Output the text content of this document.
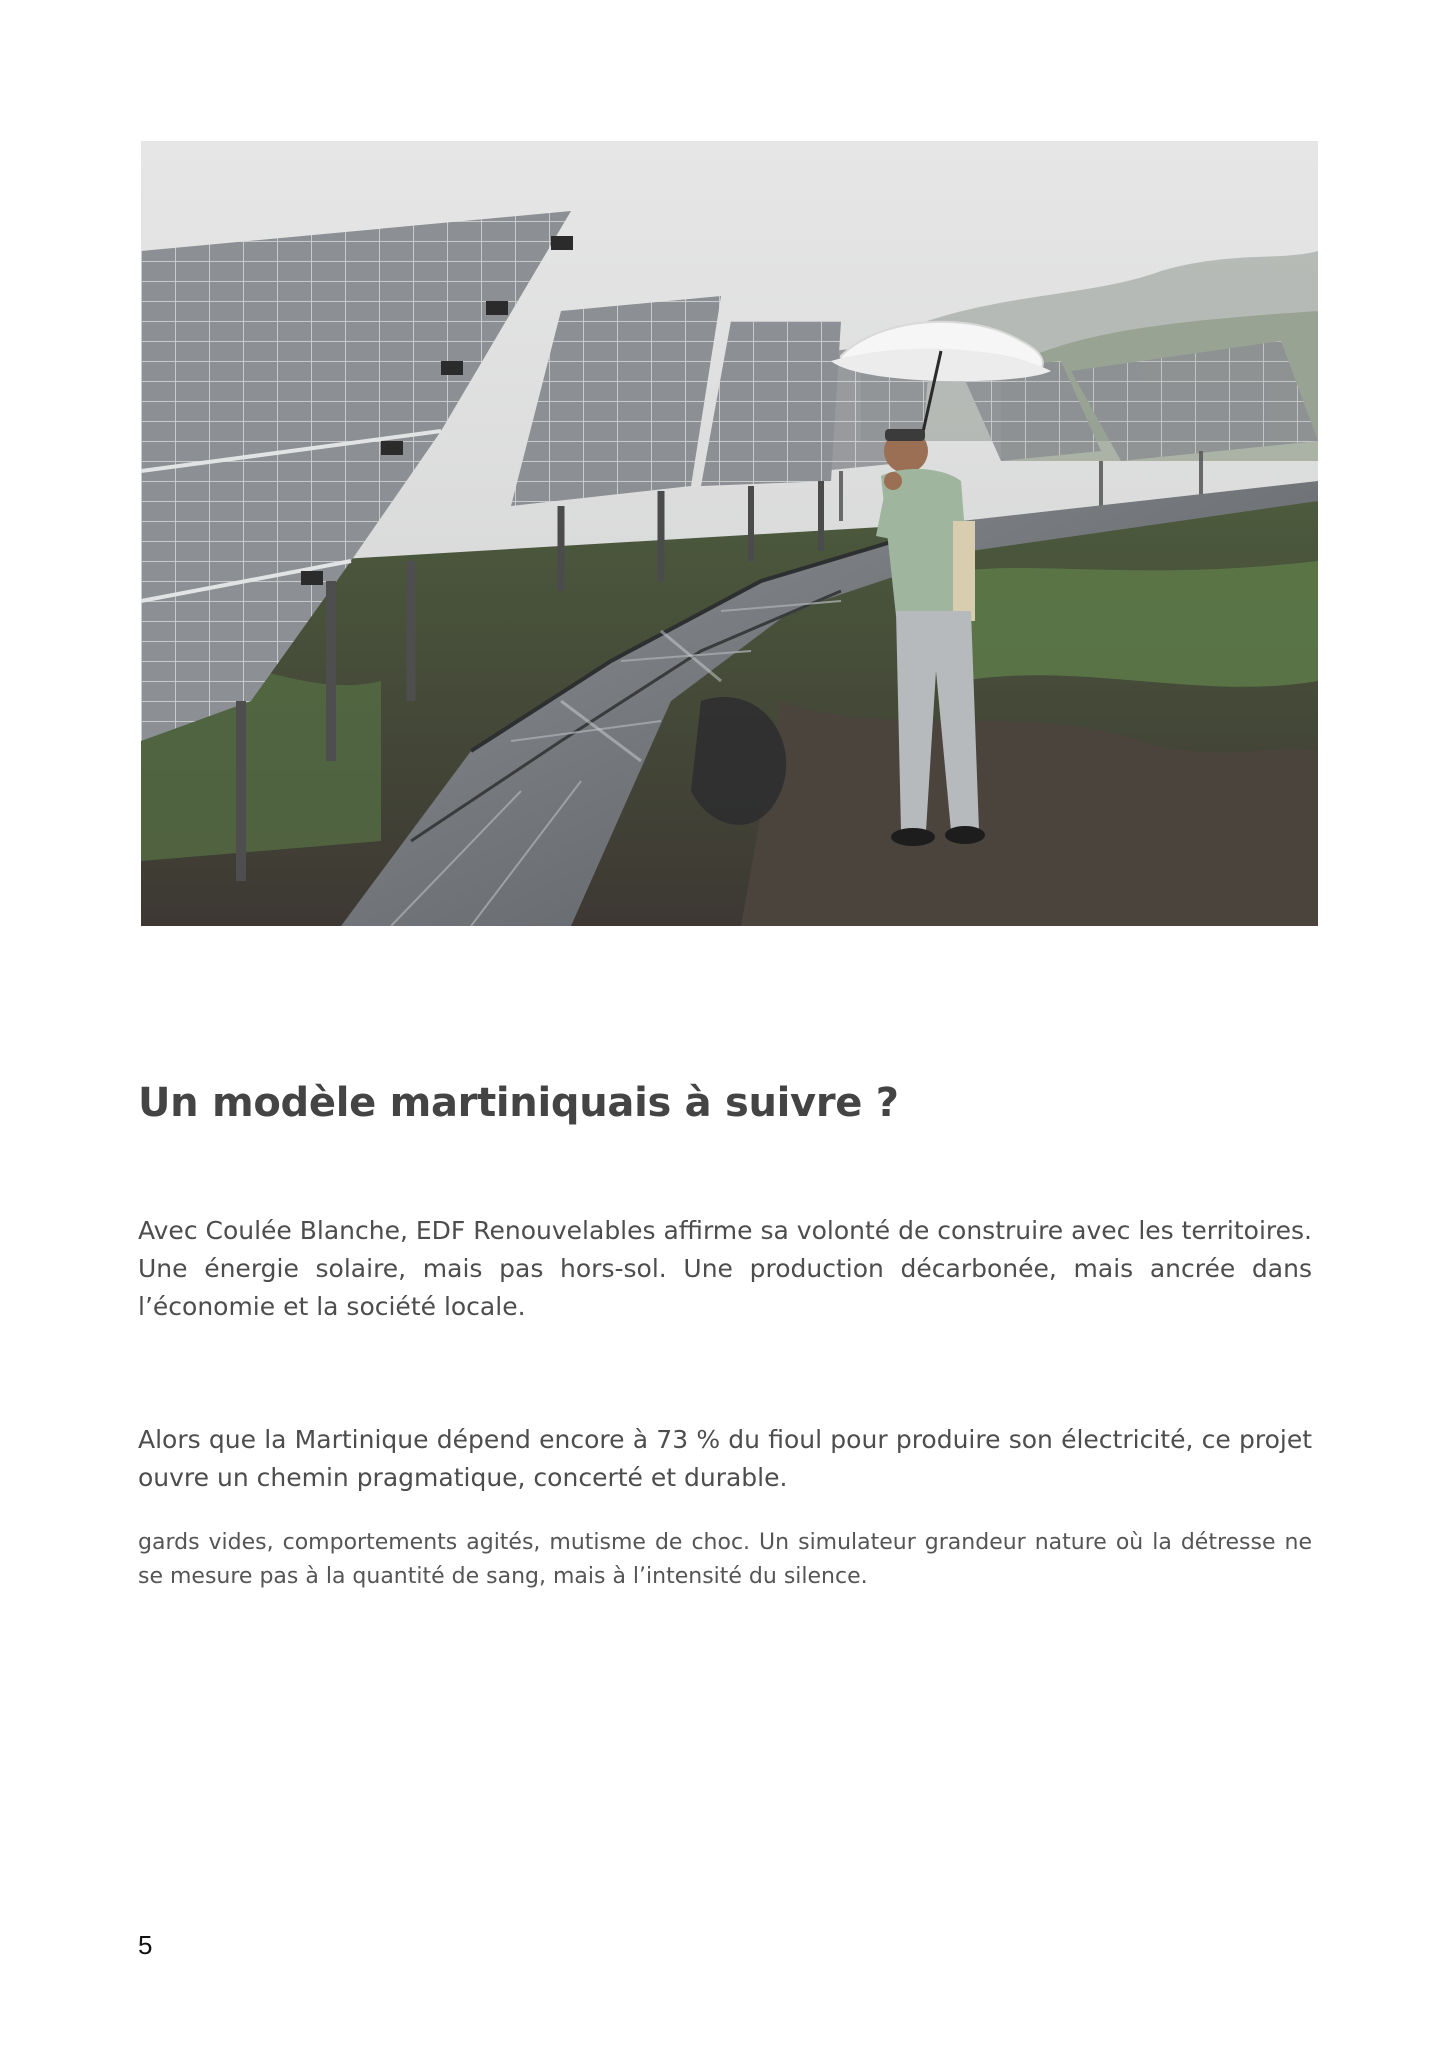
Un modèle martiniquais à suivre ?

Avec Coulée Blanche, EDF Renouvelables affirme sa volonté de construire avec les territoires. Une énergie solaire, mais pas hors-sol. Une production décarbonée, mais ancrée dans l’économie et la société locale.

Alors que la Martinique dépend encore à 73 % du fioul pour produire son électricité, ce projet ouvre un chemin pragmatique, concerté et durable.

gards vides, comportements agités, mutisme de choc. Un simulateur grandeur nature où la détresse ne se mesure pas à la quantité de sang, mais à l’intensité du silence.

5
